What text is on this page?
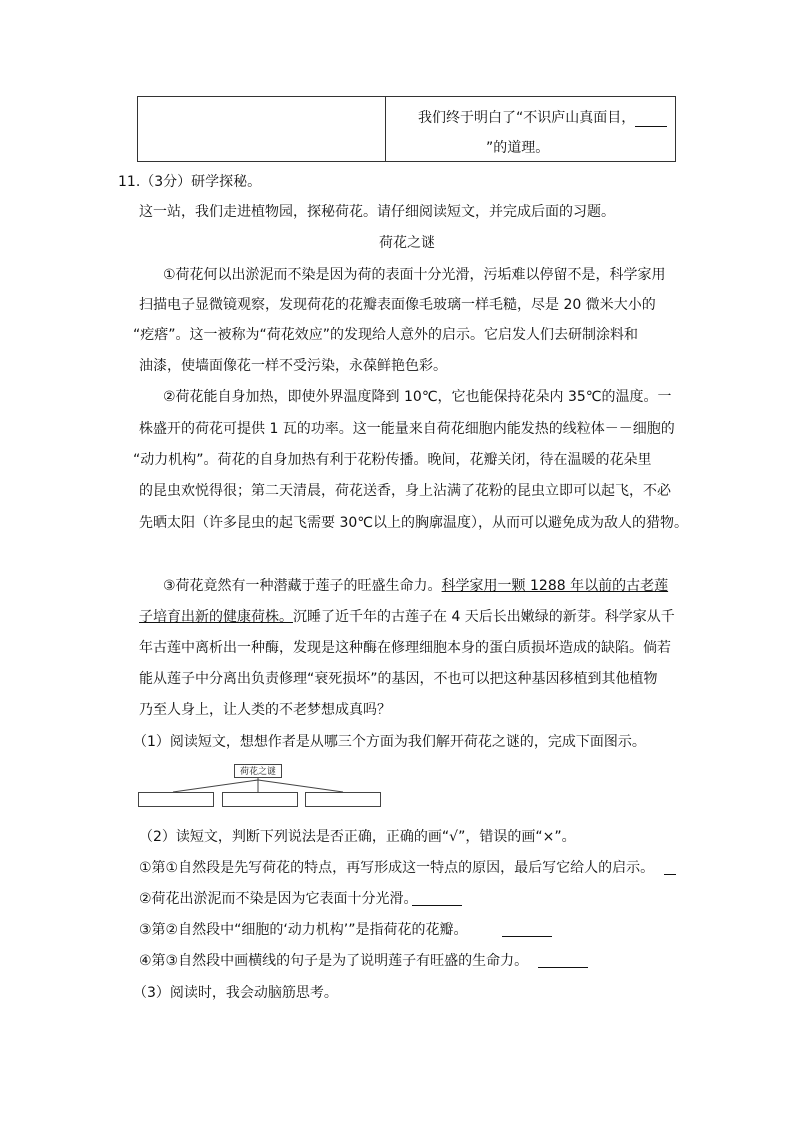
我们终于明白了“不识庐山真面目，
”的道理。
11.（3分）研学探秘。
这一站，我们走进植物园，探秘荷花。请仔细阅读短文，并完成后面的习题。
荷花之谜
①荷花何以出淤泥而不染是因为荷的表面十分光滑，污垢难以停留不是，科学家用
扫描电子显微镜观察，发现荷花的花瓣表面像毛玻璃一样毛糙，尽是 20 微米大小的
“疙瘩”。这一被称为“荷花效应”的发现给人意外的启示。它启发人们去研制涂料和
油漆，使墙面像花一样不受污染，永葆鲜艳色彩。
②荷花能自身加热，即使外界温度降到 10℃，它也能保持花朵内 35℃的温度。一
株盛开的荷花可提供 1 瓦的功率。这一能量来自荷花细胞内能发热的线粒体－－细胞的
“动力机构”。荷花的自身加热有利于花粉传播。晚间，花瓣关闭，待在温暖的花朵里
的昆虫欢悦得很；第二天清晨，荷花送香，身上沾满了花粉的昆虫立即可以起飞，不必
先晒太阳（许多昆虫的起飞需要 30℃以上的胸廓温度），从而可以避免成为敌人的猎物。
③荷花竟然有一种潜藏于莲子的旺盛生命力。科学家用一颗 1288 年以前的古老莲
子培育出新的健康荷株。沉睡了近千年的古莲子在 4 天后长出嫩绿的新芽。科学家从千
年古莲中离析出一种酶，发现是这种酶在修理细胞本身的蛋白质损坏造成的缺陷。倘若
能从莲子中分离出负责修理“衰死损坏”的基因，不也可以把这种基因移植到其他植物
乃至人身上，让人类的不老梦想成真吗？
（1）阅读短文，想想作者是从哪三个方面为我们解开荷花之谜的，完成下面图示。
荷花之谜
（2）读短文，判断下列说法是否正确，正确的画“√”，错误的画“×”。
①第①自然段是先写荷花的特点，再写形成这一特点的原因，最后写它给人的启示。
②荷花出淤泥而不染是因为它表面十分光滑。
③第②自然段中“细胞的‘动力机构’”是指荷花的花瓣。
④第③自然段中画横线的句子是为了说明莲子有旺盛的生命力。
（3）阅读时，我会动脑筋思考。
